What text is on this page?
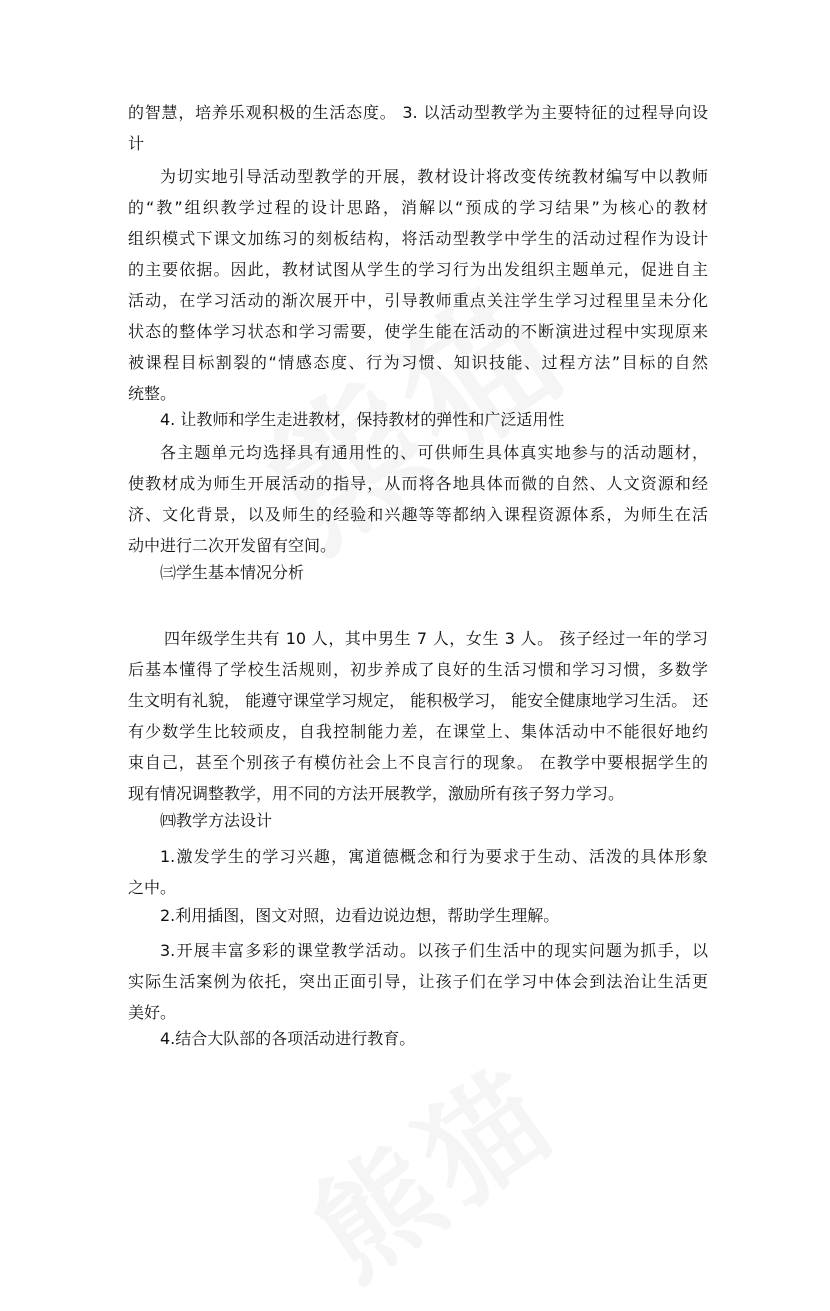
的智慧，培养乐观积极的生活态度。 3. 以活动型教学为主要特征的过程导向设
计
为切实地引导活动型教学的开展，教材设计将改变传统教材编写中以教师
的“教”组织教学过程的设计思路，消解以“预成的学习结果”为核心的教材
组织模式下课文加练习的刻板结构，将活动型教学中学生的活动过程作为设计
的主要依据。因此，教材试图从学生的学习行为出发组织主题单元，促进自主
活动，在学习活动的渐次展开中，引导教师重点关注学生学习过程里呈未分化
状态的整体学习状态和学习需要，使学生能在活动的不断演进过程中实现原来
被课程目标割裂的“情感态度、行为习惯、知识技能、过程方法”目标的自然
统整。
4. 让教师和学生走进教材，保持教材的弹性和广泛适用性
各主题单元均选择具有通用性的、可供师生具体真实地参与的活动题材，
使教材成为师生开展活动的指导，从而将各地具体而微的自然、人文资源和经
济、文化背景，以及师生的经验和兴趣等等都纳入课程资源体系，为师生在活
动中进行二次开发留有空间。
㈢学生基本情况分析
四年级学生共有 10 人，其中男生 7 人，女生 3 人。 孩子经过一年的学习
后基本懂得了学校生活规则，初步养成了良好的生活习惯和学习习惯，多数学
生文明有礼貌， 能遵守课堂学习规定， 能积极学习， 能安全健康地学习生活。 还
有少数学生比较顽皮，自我控制能力差，在课堂上、集体活动中不能很好地约
束自己，甚至个别孩子有模仿社会上不良言行的现象。 在教学中要根据学生的
现有情况调整教学，用不同的方法开展教学，激励所有孩子努力学习。
㈣教学方法设计
1.激发学生的学习兴趣，寓道德概念和行为要求于生动、活泼的具体形象
之中。
2.利用插图，图文对照，边看边说边想，帮助学生理解。
3.开展丰富多彩的课堂教学活动。以孩子们生活中的现实问题为抓手，以
实际生活案例为依托，突出正面引导，让孩子们在学习中体会到法治让生活更
美好。
4.结合大队部的各项活动进行教育。
